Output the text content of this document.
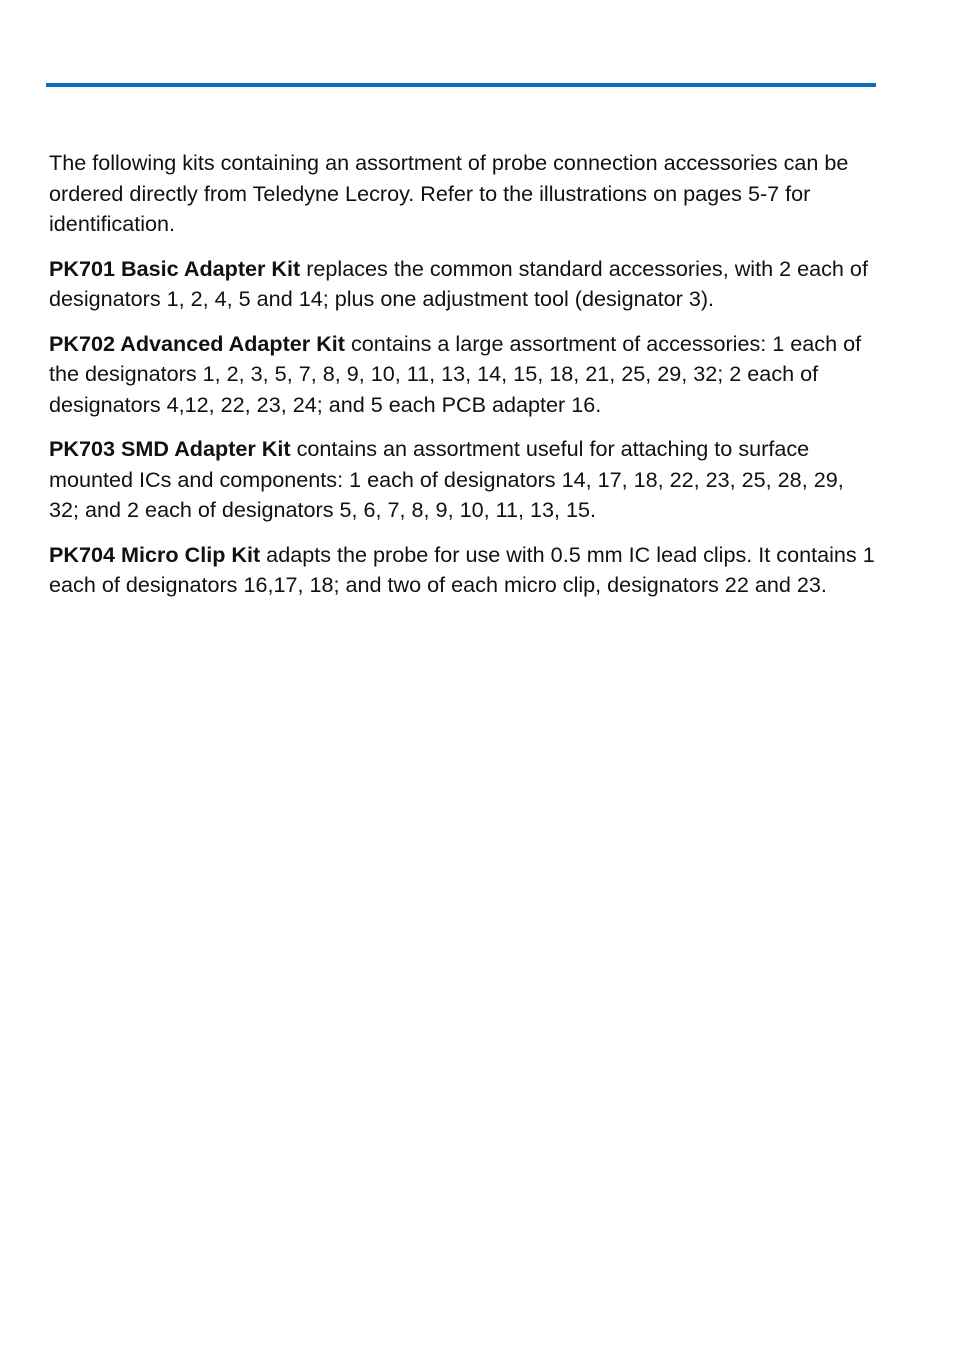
The following kits containing an assortment of probe connection accessories can be ordered directly from Teledyne Lecroy. Refer to the illustrations on pages 5-7 for identification.

PK701 Basic Adapter Kit replaces the common standard accessories, with 2 each of designators 1, 2, 4, 5 and 14; plus one adjustment tool (designator 3).

PK702 Advanced Adapter Kit contains a large assortment of accessories: 1 each of the designators 1, 2, 3, 5, 7, 8, 9, 10, 11, 13, 14, 15, 18, 21, 25, 29, 32; 2 each of designators 4,12, 22, 23, 24; and 5 each PCB adapter 16.

PK703 SMD Adapter Kit contains an assortment useful for attaching to surface mounted ICs and components: 1 each of designators 14, 17, 18, 22, 23, 25, 28, 29, 32; and 2 each of designators 5, 6, 7, 8, 9, 10, 11, 13, 15.

PK704 Micro Clip Kit adapts the probe for use with 0.5 mm IC lead clips. It contains 1 each of designators 16,17, 18; and two of each micro clip, designators 22 and 23.
